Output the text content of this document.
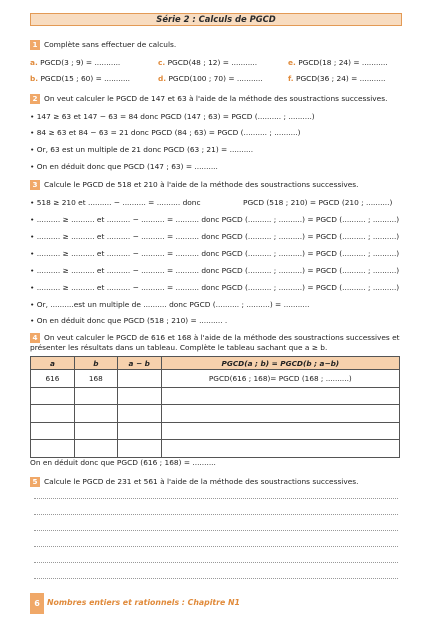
Série 2 : Calculs de PGCD
1 Complète sans effectuer de calculs.
a. PGCD(3 ; 9) = ...........	c. PGCD(48 ; 12) = ...........	e. PGCD(18 ; 24) = ...........
b. PGCD(15 ; 60) = ...........	d. PGCD(100 ; 70) = ...........	f. PGCD(36 ; 24) = ...........
2 On veut calculer le PGCD de 147 et 63 à l'aide de la méthode des soustractions successives.
• 147 ≥ 63 et 147 − 63 = 84 donc PGCD (147 ; 63) = PGCD (.......... ; ..........)
• 84 ≥ 63 et 84 − 63 = 21 donc PGCD (84 ; 63) = PGCD (.......... ; ..........)
• Or, 63 est un multiple de 21 donc PGCD (63 ; 21) = ..........
• On en déduit donc que PGCD (147 ; 63) = ..........
3 Calcule le PGCD de 518 et 210 à l'aide de la méthode des soustractions successives.
• 518 ≥ 210 et .......... − .......... = .......... donc	PGCD (518 ; 210) = PGCD (210 ; ..........)
• .......... ≥ .......... et .......... − .......... = .......... donc PGCD (.......... ; ..........) = PGCD (.......... ; ..........)
• .......... ≥ .......... et .......... − .......... = .......... donc PGCD (.......... ; ..........) = PGCD (.......... ; ..........)
• .......... ≥ .......... et .......... − .......... = .......... donc PGCD (.......... ; ..........) = PGCD (.......... ; ..........)
• .......... ≥ .......... et .......... − .......... = .......... donc PGCD (.......... ; ..........) = PGCD (.......... ; ..........)
• .......... ≥ .......... et .......... − .......... = .......... donc PGCD (.......... ; ..........) = PGCD (.......... ; ..........)
• Or, ..........est un multiple de .......... donc PGCD (.......... ; ..........) = ...........
• On en déduit donc que PGCD (518 ; 210) = .......... .
4 On veut calculer le PGCD de 616 et 168 à l'aide de la méthode des soustractions successives et
présenter les résultats dans un tableau. Complète le tableau sachant que a ≥ b.
a	b	a − b	PGCD(a ; b) = PGCD(b ; a−b)
616	168		PGCD(616 ; 168)= PGCD (168 ; ..........)

On en déduit donc que PGCD (616 ; 168) = ..........
5 Calcule le PGCD de 231 et 561 à l'aide de la méthode des soustractions successives.
6 Nombres entiers et rationnels : Chapitre N1
